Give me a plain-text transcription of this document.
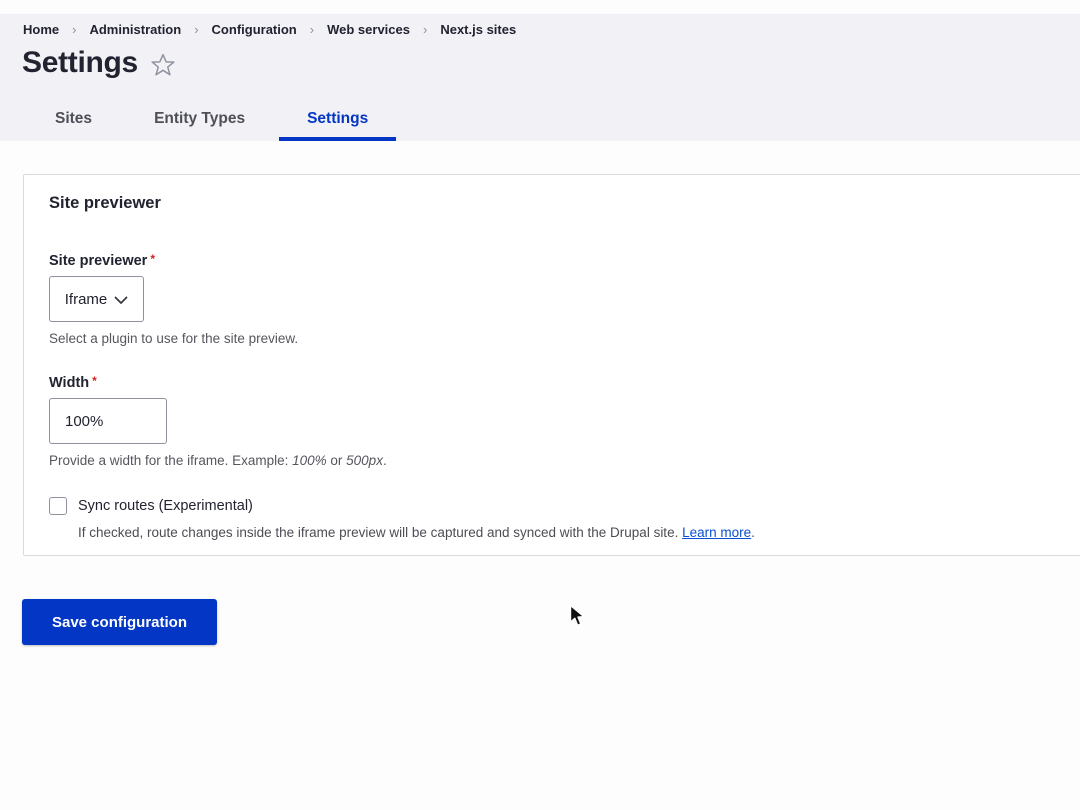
Home › Administration › Configuration › Web services › Next.js sites
Settings
Sites	Entity Types	Settings
Site previewer
Site previewer *
Iframe
Select a plugin to use for the site preview.
Width *
100%
Provide a width for the iframe. Example: 100% or 500px.
Sync routes (Experimental)
If checked, route changes inside the iframe preview will be captured and synced with the Drupal site. Learn more.
Save configuration
